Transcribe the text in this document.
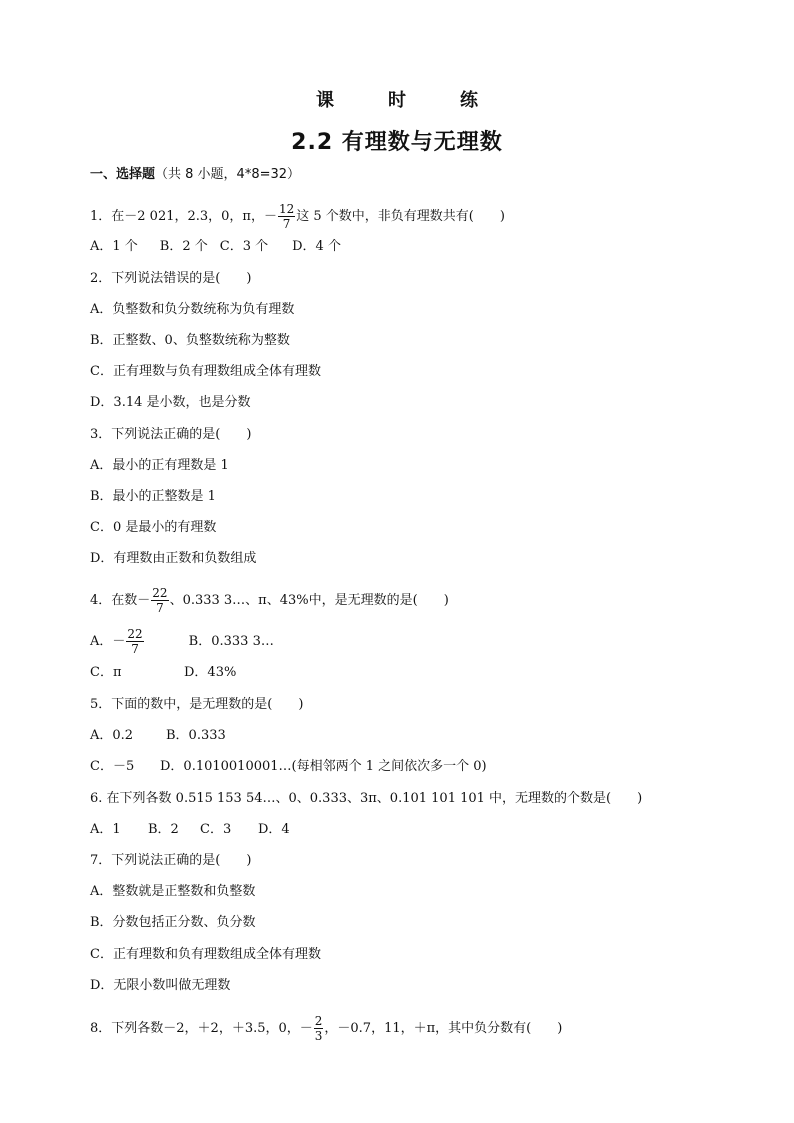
课　时　练
2.2 有理数与无理数
一、选择题（共 8 小题，4*8=32）
1．在－2 021，2.3，0，π，－ $\frac{12}{7}$ 这 5 个数中，非负有理数共有(　　)
A．1 个 B．2 个 C．3 个 D．4 个
2．下列说法错误的是(　　)
A．负整数和负分数统称为负有理数
B．正整数、0、负整数统称为整数
C．正有理数与负有理数组成全体有理数
D．3.14 是小数，也是分数
3．下列说法正确的是(　　)
A．最小的正有理数是 1
B．最小的正整数是 1
C．0 是最小的有理数
D．有理数由正数和负数组成
4．在数－ $\frac{22}{7}$ 、0.333 3…、π、43%中，是无理数的是(　　)
A．－ $\frac{22}{7}$	B．0.333 3…
C．π	D．43%
5．下面的数中，是无理数的是(　　)
A．0.2	B．0.333
C．－5 D．0.1010010001…(每相邻两个 1 之间依次多一个 0)
6. 在下列各数 0.515 153 54…、0、0.333、3π、0.101 101 101 中，无理数的个数是(　　)
A．1 B．2 C．3 D．4
7．下列说法正确的是(　　)
A．整数就是正整数和负整数
B．分数包括正分数、负分数
C．正有理数和负有理数组成全体有理数
D．无限小数叫做无理数
8．下列各数－2，＋2，＋3.5，0，－ $\frac{2}{3}$ ，－0.7，11，＋π，其中负分数有(　　)
